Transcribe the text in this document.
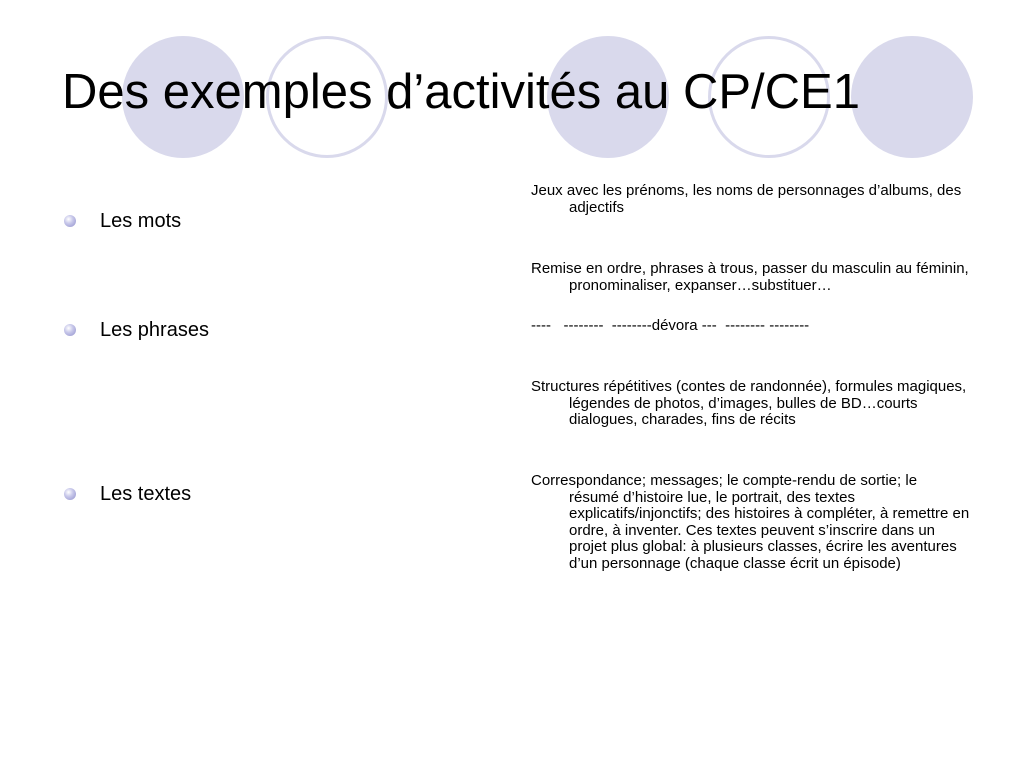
Des exemples d’activités au CP/CE1
Les mots
Les phrases
Les textes

Jeux avec les prénoms, les noms de personnages d’albums, des adjectifs

Remise en ordre, phrases à trous, passer du masculin au féminin, pronominaliser, expanser…substituer…

----   --------  --------dévora ---  -------- --------

Structures répétitives (contes de randonnée), formules magiques, légendes de photos, d’images, bulles de BD…courts dialogues, charades, fins de récits

Correspondance; messages; le compte-rendu de sortie; le résumé d’histoire lue, le portrait, des textes explicatifs/injonctifs; des histoires à compléter, à remettre en ordre, à inventer. Ces textes peuvent s’inscrire dans un projet plus global: à plusieurs classes, écrire les aventures d’un personnage (chaque classe écrit un épisode)
